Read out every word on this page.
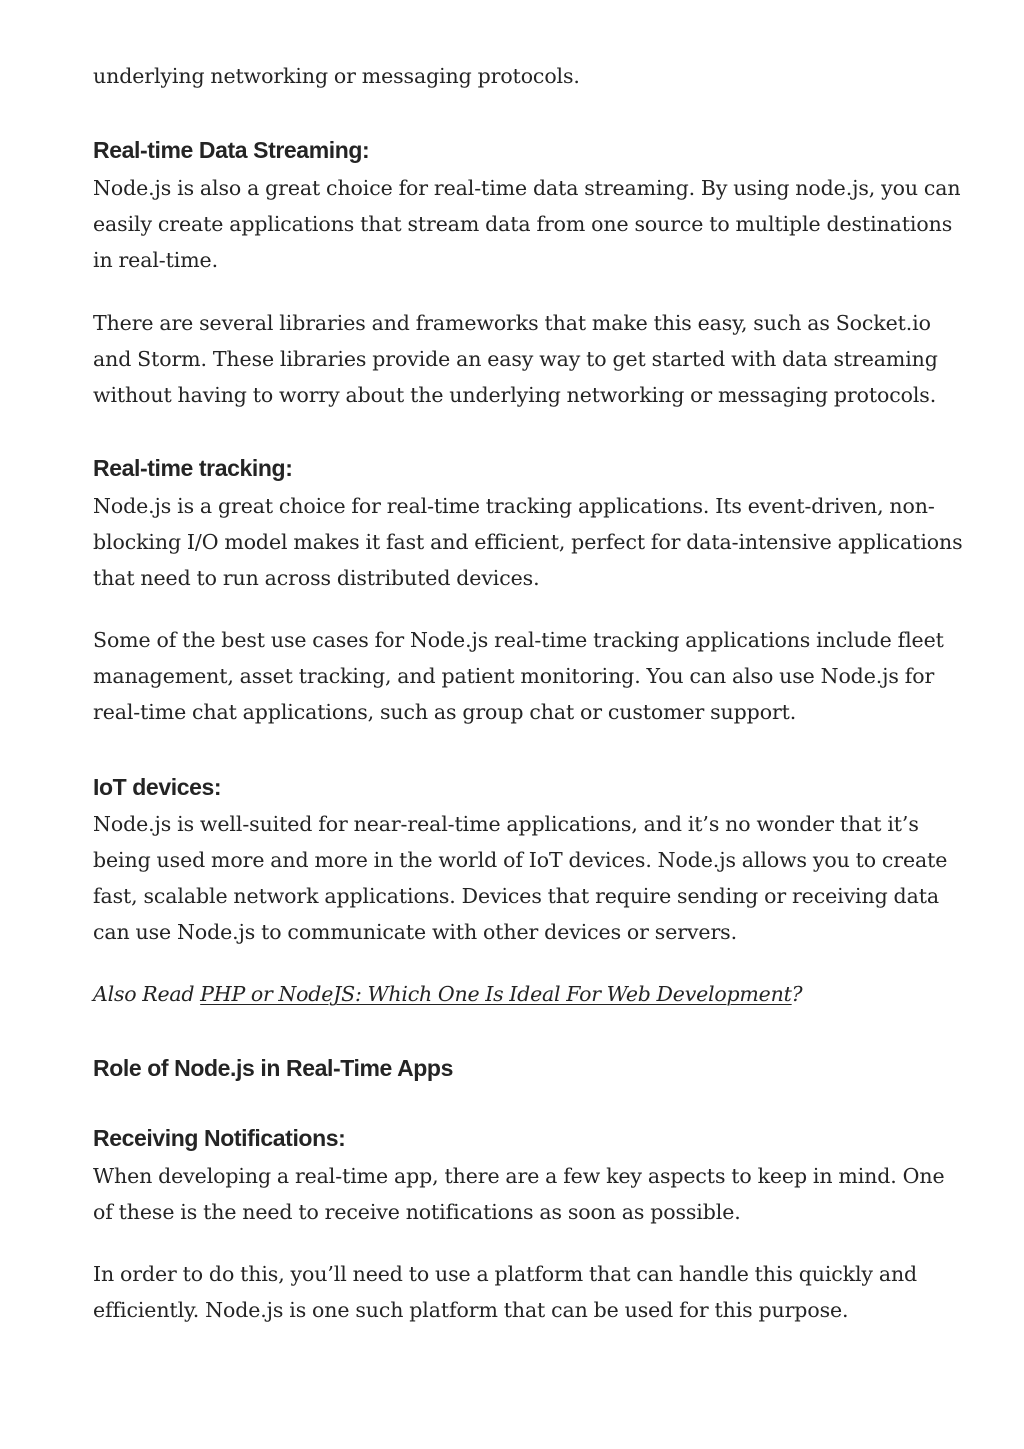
underlying networking or messaging protocols.

Real-time Data Streaming:

Node.js is also a great choice for real-time data streaming. By using node.js, you can easily create applications that stream data from one source to multiple destinations in real-time.

There are several libraries and frameworks that make this easy, such as Socket.io and Storm. These libraries provide an easy way to get started with data streaming without having to worry about the underlying networking or messaging protocols.

Real-time tracking:

Node.js is a great choice for real-time tracking applications. Its event-driven, non-blocking I/O model makes it fast and efficient, perfect for data-intensive applications that need to run across distributed devices.

Some of the best use cases for Node.js real-time tracking applications include fleet management, asset tracking, and patient monitoring. You can also use Node.js for real-time chat applications, such as group chat or customer support.

IoT devices:

Node.js is well-suited for near-real-time applications, and it’s no wonder that it’s being used more and more in the world of IoT devices. Node.js allows you to create fast, scalable network applications. Devices that require sending or receiving data can use Node.js to communicate with other devices or servers.

Also Read PHP or NodeJS: Which One Is Ideal For Web Development?

Role of Node.js in Real-Time Apps
Receiving Notifications:

When developing a real-time app, there are a few key aspects to keep in mind. One of these is the need to receive notifications as soon as possible.

In order to do this, you’ll need to use a platform that can handle this quickly and efficiently. Node.js is one such platform that can be used for this purpose.
